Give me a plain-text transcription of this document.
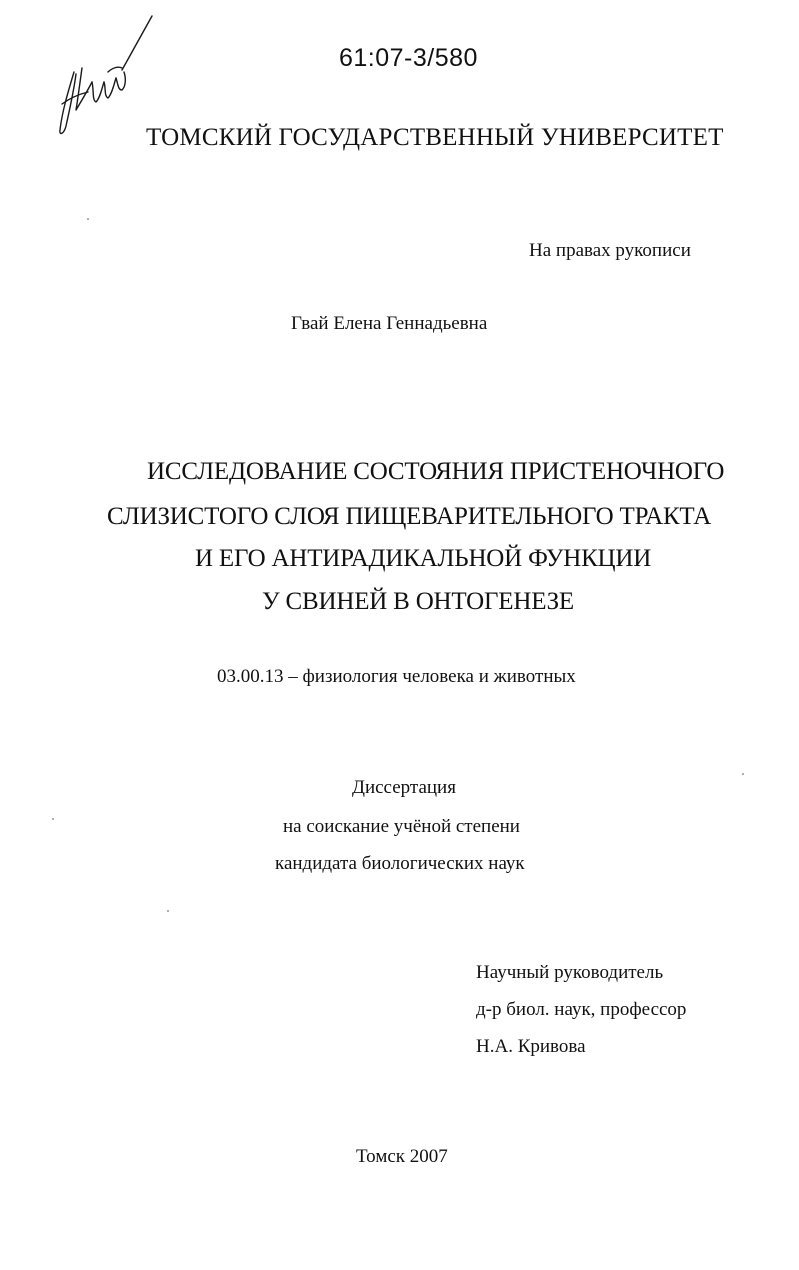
61:07-3/580
ТОМСКИЙ ГОСУДАРСТВЕННЫЙ УНИВЕРСИТЕТ
На правах рукописи
Гвай Елена Геннадьевна
ИССЛЕДОВАНИЕ СОСТОЯНИЯ ПРИСТЕНОЧНОГО
СЛИЗИСТОГО СЛОЯ ПИЩЕВАРИТЕЛЬНОГО ТРАКТА
И ЕГО АНТИРАДИКАЛЬНОЙ ФУНКЦИИ
У СВИНЕЙ В ОНТОГЕНЕЗЕ
03.00.13 – физиология человека и животных
Диссертация
на соискание учёной степени
кандидата биологических наук
Научный руководитель
д-р биол. наук, профессор
Н.А. Кривова
Томск 2007
